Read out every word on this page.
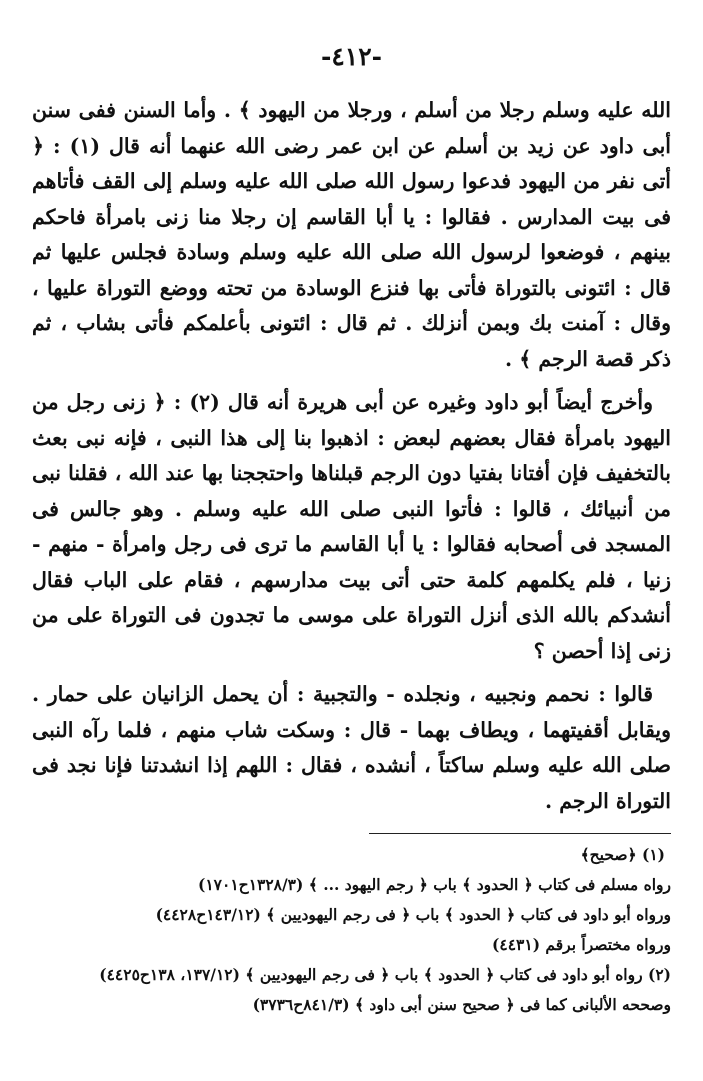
-٤١٢-

الله عليه وسلم رجلا من أسلم ، ورجلا من اليهود ﴾ . وأما السنن ففى سنن أبى داود عن زيد بن أسلم عن ابن عمر رضى الله عنهما أنه قال (١) : ﴿ أتى نفر من اليهود فدعوا رسول الله صلى الله عليه وسلم إلى القف فأتاهم فى بيت المدارس . فقالوا : يا أبا القاسم إن رجلا منا زنى بامرأة فاحكم بينهم ، فوضعوا لرسول الله صلى الله عليه وسلم وسادة فجلس عليها ثم قال : ائتونى بالتوراة فأتى بها فنزع الوسادة من تحته ووضع التوراة عليها ، وقال : آمنت بك وبمن أنزلك . ثم قال : ائتونى بأعلمكم فأتى بشاب ، ثم ذكر قصة الرجم ﴾ .

وأخرج أيضاً أبو داود وغيره عن أبى هريرة أنه قال (٢) : ﴿ زنى رجل من اليهود بامرأة فقال بعضهم لبعض : اذهبوا بنا إلى هذا النبى ، فإنه نبى بعث بالتخفيف فإن أفتانا بفتيا دون الرجم قبلناها واحتججنا بها عند الله ، فقلنا نبى من أنبيائك ، قالوا : فأتوا النبى صلى الله عليه وسلم . وهو جالس فى المسجد فى أصحابه فقالوا : يا أبا القاسم ما ترى فى رجل وامرأة - منهم - زنيا ، فلم يكلمهم كلمة حتى أتى بيت مدارسهم ، فقام على الباب فقال أنشدكم بالله الذى أنزل التوراة على موسى ما تجدون فى التوراة على من زنى إذا أحصن ؟

قالوا : نحمم ونجبيه ، ونجلده - والتجبية : أن يحمل الزانيان على حمار . ويقابل أقفيتهما ، ويطاف بهما - قال : وسكت شاب منهم ، فلما رآه النبى صلى الله عليه وسلم ساكتاً ، أنشده ، فقال : اللهم إذا انشدتنا فإنا نجد فى التوراة الرجم .

(١) ﴿صحيح﴾
رواه مسلم فى كتاب ﴿ الحدود ﴾ باب ﴿ رجم اليهود ... ﴾ (١٣٢٨/٣ح١٧٠١)
ورواه أبو داود فى كتاب ﴿ الحدود ﴾ باب ﴿ فى رجم اليهوديين ﴾ (١٤٣/١٢ح٤٤٢٨)
ورواه مختصراً برقم (٤٤٣١)
(٢) رواه أبو داود فى كتاب ﴿ الحدود ﴾ باب ﴿ فى رجم اليهوديين ﴾ (١٣٧/١٢، ١٣٨ح٤٤٢٥)
وصححه الألبانى كما فى ﴿ صحيح سنن أبى داود ﴾ (٨٤١/٣ح٣٧٣٦)
